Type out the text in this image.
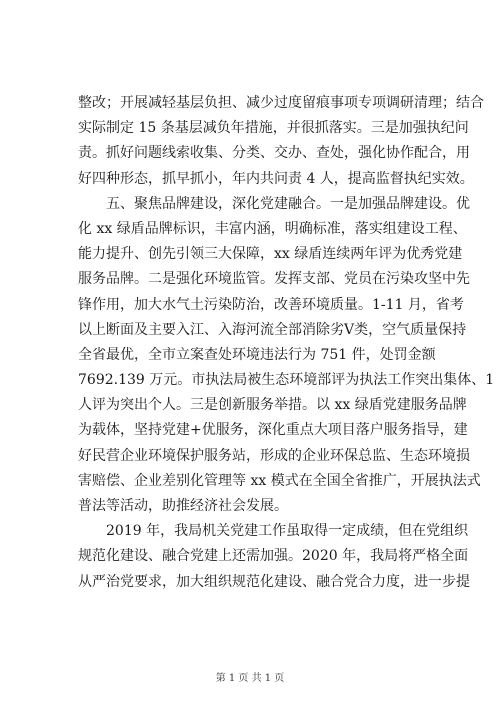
整改；开展减轻基层负担、减少过度留痕事项专项调研清理；结合
实际制定 15 条基层减负年措施，并很抓落实。三是加强执纪问
责。抓好问题线索收集、分类、交办、查处，强化协作配合，用
好四种形态，抓早抓小，年内共问责 4 人，提高监督执纪实效。
　　五、聚焦品牌建设，深化党建融合。一是加强品牌建设。优
化 xx 绿盾品牌标识，丰富内涵，明确标准，落实组建设工程、
能力提升、创先引领三大保障，xx 绿盾连续两年评为优秀党建
服务品牌。二是强化环境监管。发挥支部、党员在污染攻坚中先
锋作用，加大水气土污染防治，改善环境质量。1-11 月，省考
以上断面及主要入江、入海河流全部消除劣Ⅴ类，空气质量保持
全省最优，全市立案查处环境违法行为 751 件，处罚金额
7692.139 万元。市执法局被生态环境部评为执法工作突出集体、1
人评为突出个人。三是创新服务举措。以 xx 绿盾党建服务品牌
为载体，坚持党建+优服务，深化重点大项目落户服务指导，建
好民营企业环境保护服务站，形成的企业环保总监、生态环境损
害赔偿、企业差别化管理等 xx 模式在全国全省推广，开展执法式
普法等活动，助推经济社会发展。
　　2019 年，我局机关党建工作虽取得一定成绩，但在党组织
规范化建设、融合党建上还需加强。2020 年，我局将严格全面
从严治党要求，加大组织规范化建设、融合党合力度，进一步提
第 1 页 共 1 页
